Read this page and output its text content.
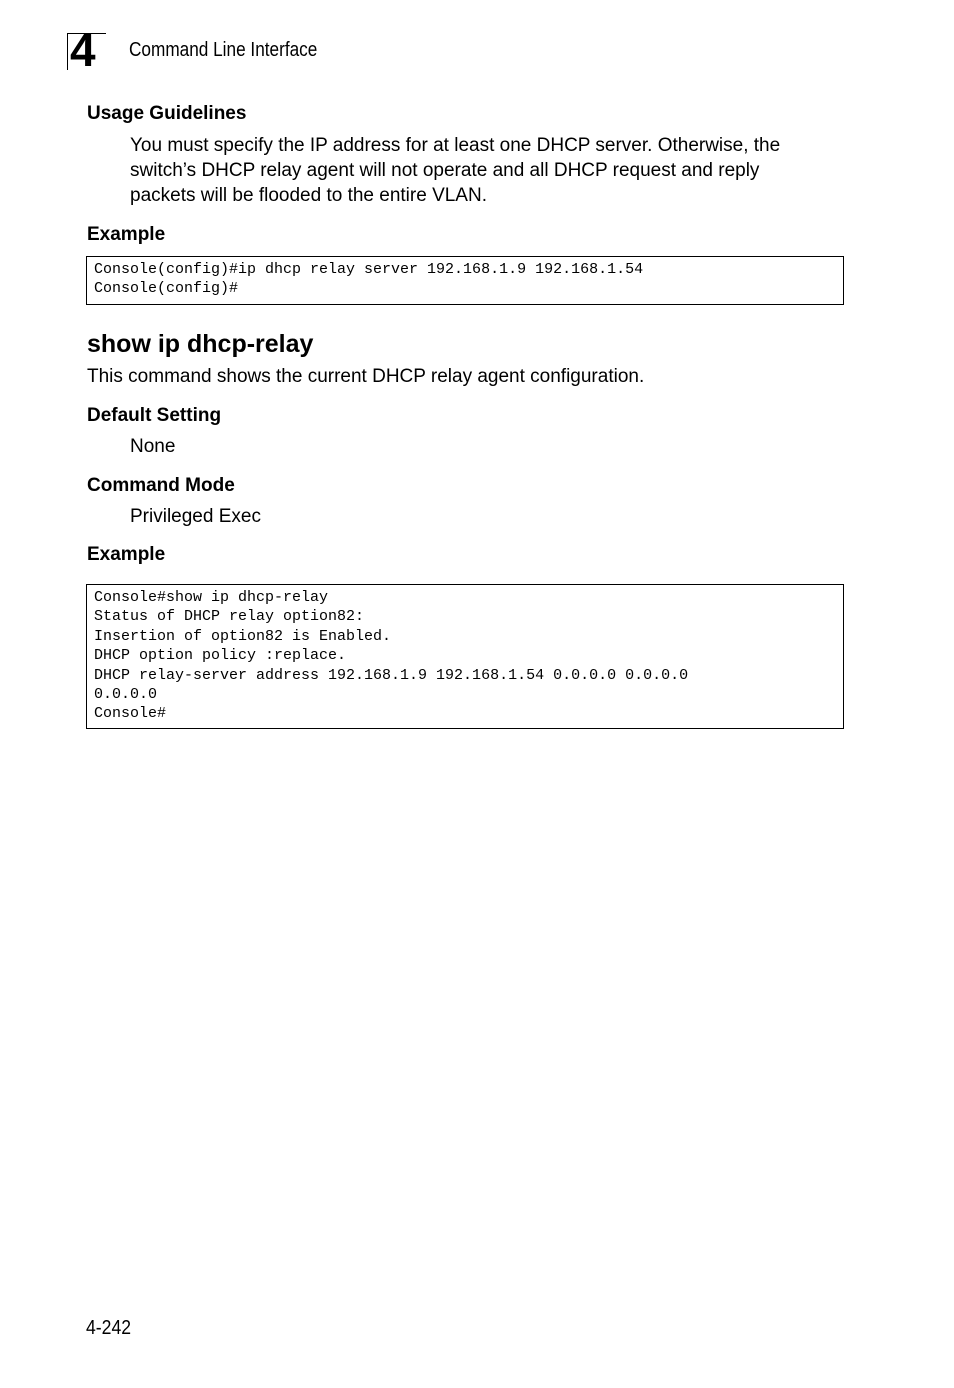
4 Command Line Interface
Usage Guidelines
You must specify the IP address for at least one DHCP server. Otherwise, the
switch’s DHCP relay agent will not operate and all DHCP request and reply
packets will be flooded to the entire VLAN.
Example
Console(config)#ip dhcp relay server 192.168.1.9 192.168.1.54
Console(config)#
show ip dhcp-relay
This command shows the current DHCP relay agent configuration.
Default Setting
None
Command Mode
Privileged Exec
Example
Console#show ip dhcp-relay
Status of DHCP relay option82:
Insertion of option82 is Enabled.
DHCP option policy :replace.
DHCP relay-server address 192.168.1.9 192.168.1.54 0.0.0.0 0.0.0.0
0.0.0.0
Console#
4-242
